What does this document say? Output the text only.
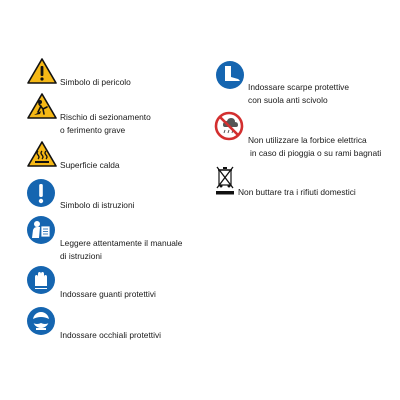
Simbolo di pericolo
Rischio di sezionamento
o ferimento grave
Superficie calda
Simbolo di istruzioni
Leggere attentamente il manuale
di istruzioni
Indossare guanti protettivi
Indossare occhiali protettivi
Indossare scarpe protettive
con suola anti scivolo
Non utilizzare la forbice elettrica
in caso di pioggia o su rami bagnati
Non buttare tra i rifiuti domestici
